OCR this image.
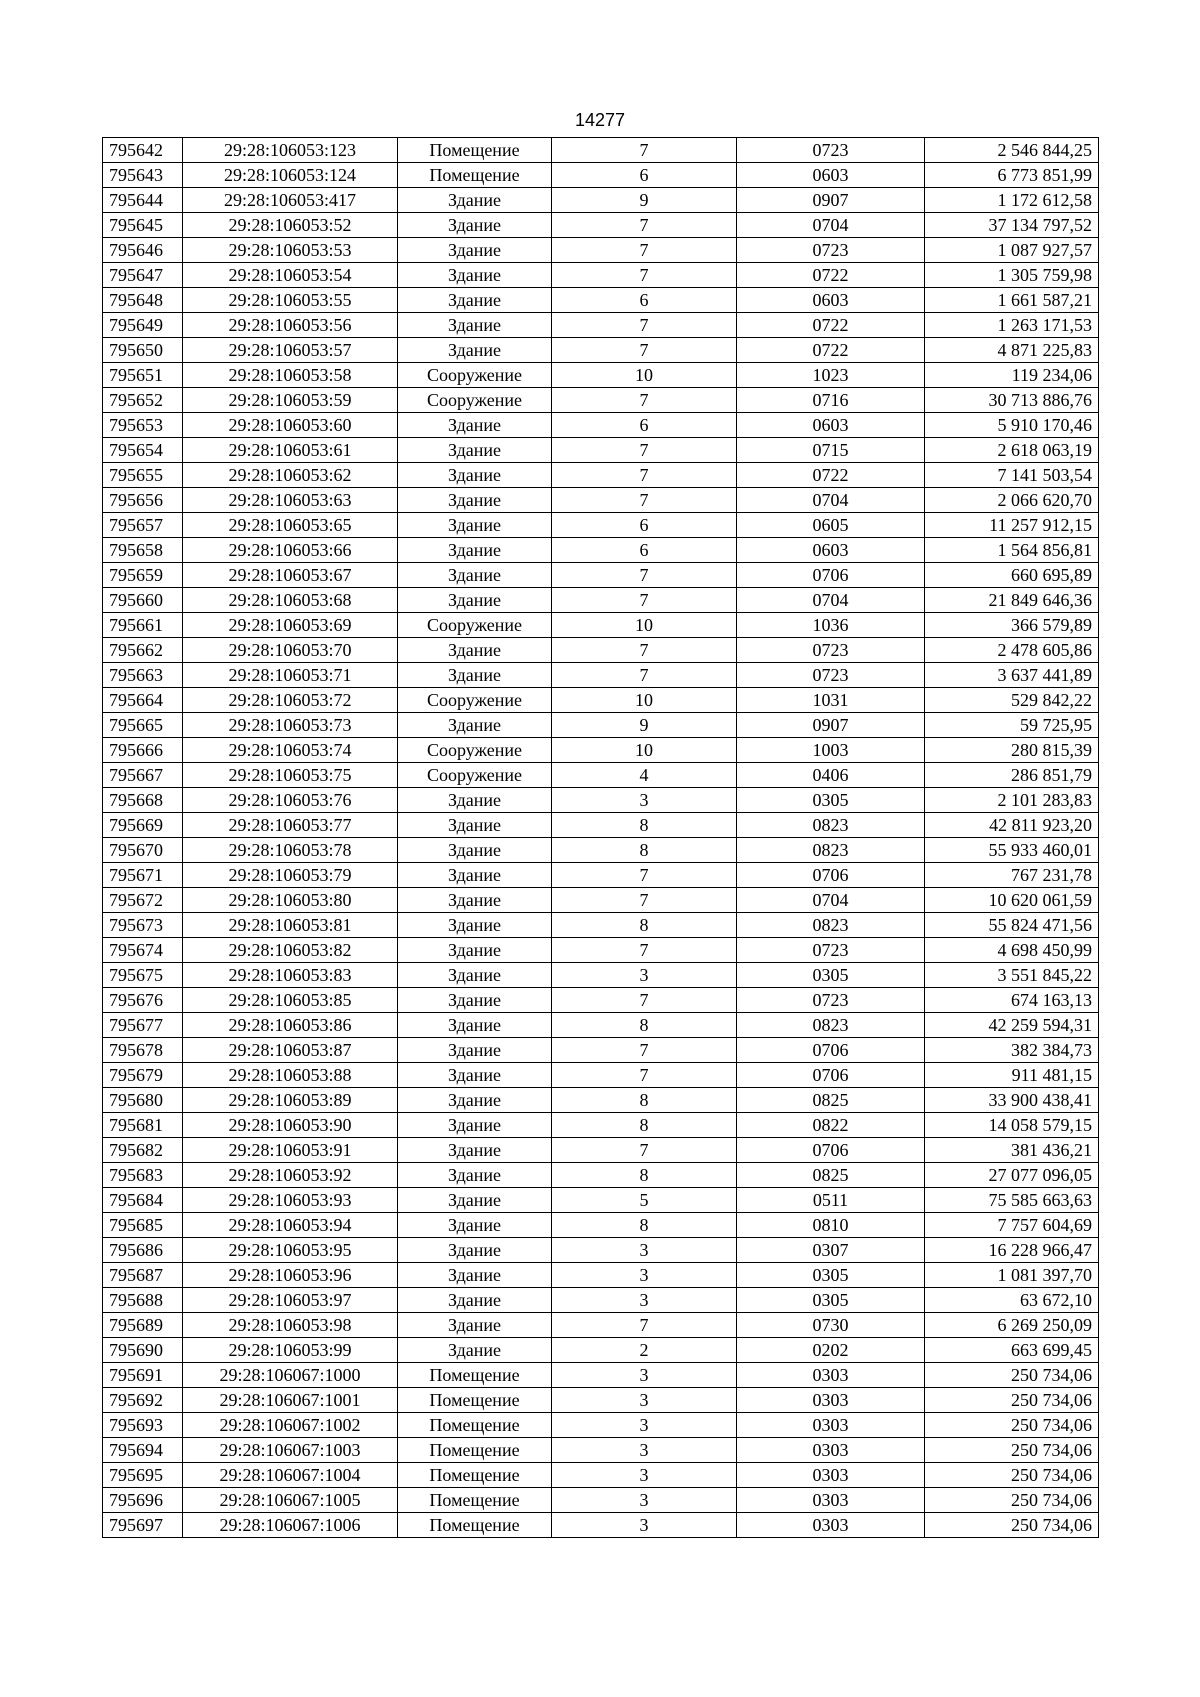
14277
795642	29:28:106053:123	Помещение	7	0723	2 546 844,25
795643	29:28:106053:124	Помещение	6	0603	6 773 851,99
795644	29:28:106053:417	Здание	9	0907	1 172 612,58
795645	29:28:106053:52	Здание	7	0704	37 134 797,52
795646	29:28:106053:53	Здание	7	0723	1 087 927,57
795647	29:28:106053:54	Здание	7	0722	1 305 759,98
795648	29:28:106053:55	Здание	6	0603	1 661 587,21
795649	29:28:106053:56	Здание	7	0722	1 263 171,53
795650	29:28:106053:57	Здание	7	0722	4 871 225,83
795651	29:28:106053:58	Сооружение	10	1023	119 234,06
795652	29:28:106053:59	Сооружение	7	0716	30 713 886,76
795653	29:28:106053:60	Здание	6	0603	5 910 170,46
795654	29:28:106053:61	Здание	7	0715	2 618 063,19
795655	29:28:106053:62	Здание	7	0722	7 141 503,54
795656	29:28:106053:63	Здание	7	0704	2 066 620,70
795657	29:28:106053:65	Здание	6	0605	11 257 912,15
795658	29:28:106053:66	Здание	6	0603	1 564 856,81
795659	29:28:106053:67	Здание	7	0706	660 695,89
795660	29:28:106053:68	Здание	7	0704	21 849 646,36
795661	29:28:106053:69	Сооружение	10	1036	366 579,89
795662	29:28:106053:70	Здание	7	0723	2 478 605,86
795663	29:28:106053:71	Здание	7	0723	3 637 441,89
795664	29:28:106053:72	Сооружение	10	1031	529 842,22
795665	29:28:106053:73	Здание	9	0907	59 725,95
795666	29:28:106053:74	Сооружение	10	1003	280 815,39
795667	29:28:106053:75	Сооружение	4	0406	286 851,79
795668	29:28:106053:76	Здание	3	0305	2 101 283,83
795669	29:28:106053:77	Здание	8	0823	42 811 923,20
795670	29:28:106053:78	Здание	8	0823	55 933 460,01
795671	29:28:106053:79	Здание	7	0706	767 231,78
795672	29:28:106053:80	Здание	7	0704	10 620 061,59
795673	29:28:106053:81	Здание	8	0823	55 824 471,56
795674	29:28:106053:82	Здание	7	0723	4 698 450,99
795675	29:28:106053:83	Здание	3	0305	3 551 845,22
795676	29:28:106053:85	Здание	7	0723	674 163,13
795677	29:28:106053:86	Здание	8	0823	42 259 594,31
795678	29:28:106053:87	Здание	7	0706	382 384,73
795679	29:28:106053:88	Здание	7	0706	911 481,15
795680	29:28:106053:89	Здание	8	0825	33 900 438,41
795681	29:28:106053:90	Здание	8	0822	14 058 579,15
795682	29:28:106053:91	Здание	7	0706	381 436,21
795683	29:28:106053:92	Здание	8	0825	27 077 096,05
795684	29:28:106053:93	Здание	5	0511	75 585 663,63
795685	29:28:106053:94	Здание	8	0810	7 757 604,69
795686	29:28:106053:95	Здание	3	0307	16 228 966,47
795687	29:28:106053:96	Здание	3	0305	1 081 397,70
795688	29:28:106053:97	Здание	3	0305	63 672,10
795689	29:28:106053:98	Здание	7	0730	6 269 250,09
795690	29:28:106053:99	Здание	2	0202	663 699,45
795691	29:28:106067:1000	Помещение	3	0303	250 734,06
795692	29:28:106067:1001	Помещение	3	0303	250 734,06
795693	29:28:106067:1002	Помещение	3	0303	250 734,06
795694	29:28:106067:1003	Помещение	3	0303	250 734,06
795695	29:28:106067:1004	Помещение	3	0303	250 734,06
795696	29:28:106067:1005	Помещение	3	0303	250 734,06
795697	29:28:106067:1006	Помещение	3	0303	250 734,06
